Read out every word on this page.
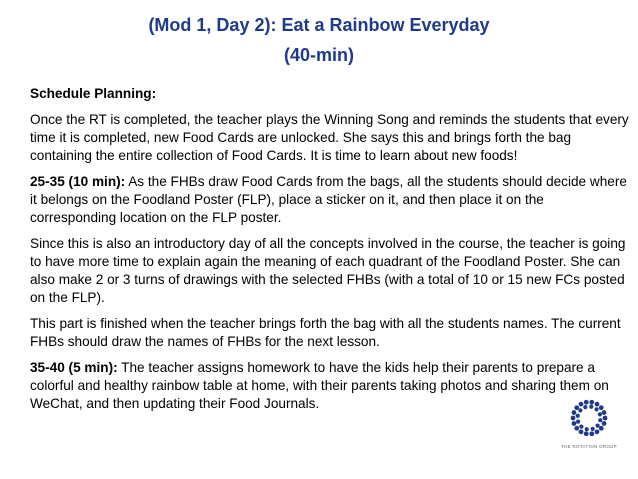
(Mod 1, Day 2): Eat a Rainbow Everyday
(40-min)

Schedule Planning:

Once the RT is completed, the teacher plays the Winning Song and reminds the students that every time it is completed, new Food Cards are unlocked. She says this and brings forth the bag containing the entire collection of Food Cards. It is time to learn about new foods!

25-35 (10 min): As the FHBs draw Food Cards from the bags, all the students should decide where it belongs on the Foodland Poster (FLP), place a sticker on it, and then place it on the corresponding location on the FLP poster.

Since this is also an introductory day of all the concepts involved in the course, the teacher is going to have more time to explain again the meaning of each quadrant of the Foodland Poster. She can also make 2 or 3 turns of drawings with the selected FHBs (with a total of 10 or 15 new FCs posted on the FLP).

This part is finished when the teacher brings forth the bag with all the students names. The current FHBs should draw the names of FHBs for the next lesson.

35-40 (5 min): The teacher assigns homework to have the kids help their parents to prepare a colorful and healthy rainbow table at home, with their parents taking photos and sharing them on WeChat, and then updating their Food Journals.

THE ROTATION GROUP
